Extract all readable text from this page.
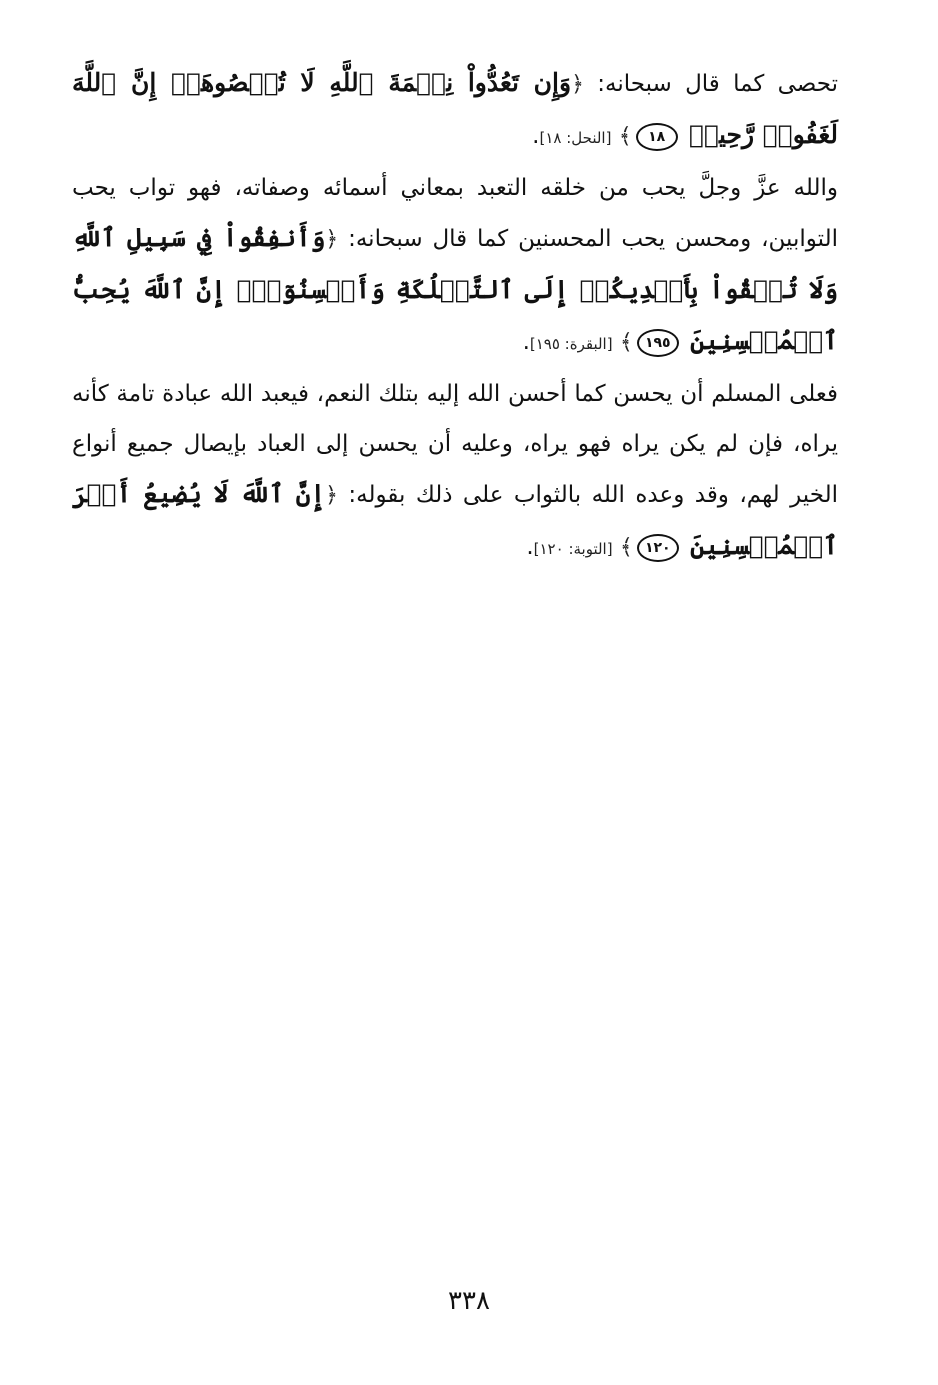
تحصى كما قال سبحانه: ﴿وَإِن تَعُدُّواْ نِعۡمَةَ ٱللَّهِ لَا تُحۡصُوهَآۗ إِنَّ ٱللَّهَ لَغَفُورٞ رَّحِيمٞ ١٨﴾ [النحل: ١٨].

والله عزَّ وجلَّ يحب من خلقه التعبد بمعاني أسمائه وصفاته، فهو تواب يحب التوابين، ومحسن يحب المحسنين كما قال سبحانه: ﴿وَأَنفِقُواْ فِي سَبِيلِ ٱللَّهِ وَلَا تُلۡقُواْ بِأَيۡدِيكُمۡ إِلَى ٱلتَّهۡلُكَةِ وَأَحۡسِنُوٓاْۚ إِنَّ ٱللَّهَ يُحِبُّ ٱلۡمُحۡسِنِينَ ١٩٥﴾ [البقرة: ١٩٥].

فعلى المسلم أن يحسن كما أحسن الله إليه بتلك النعم، فيعبد الله عبادة تامة كأنه يراه، فإن لم يكن يراه فهو يراه، وعليه أن يحسن إلى العباد بإيصال جميع أنواع الخير لهم، وقد وعده الله بالثواب على ذلك بقوله: ﴿إِنَّ ٱللَّهَ لَا يُضِيعُ أَجۡرَ ٱلۡمُحۡسِنِينَ ١٢٠﴾ [التوبة: ١٢٠].

٣٣٨
